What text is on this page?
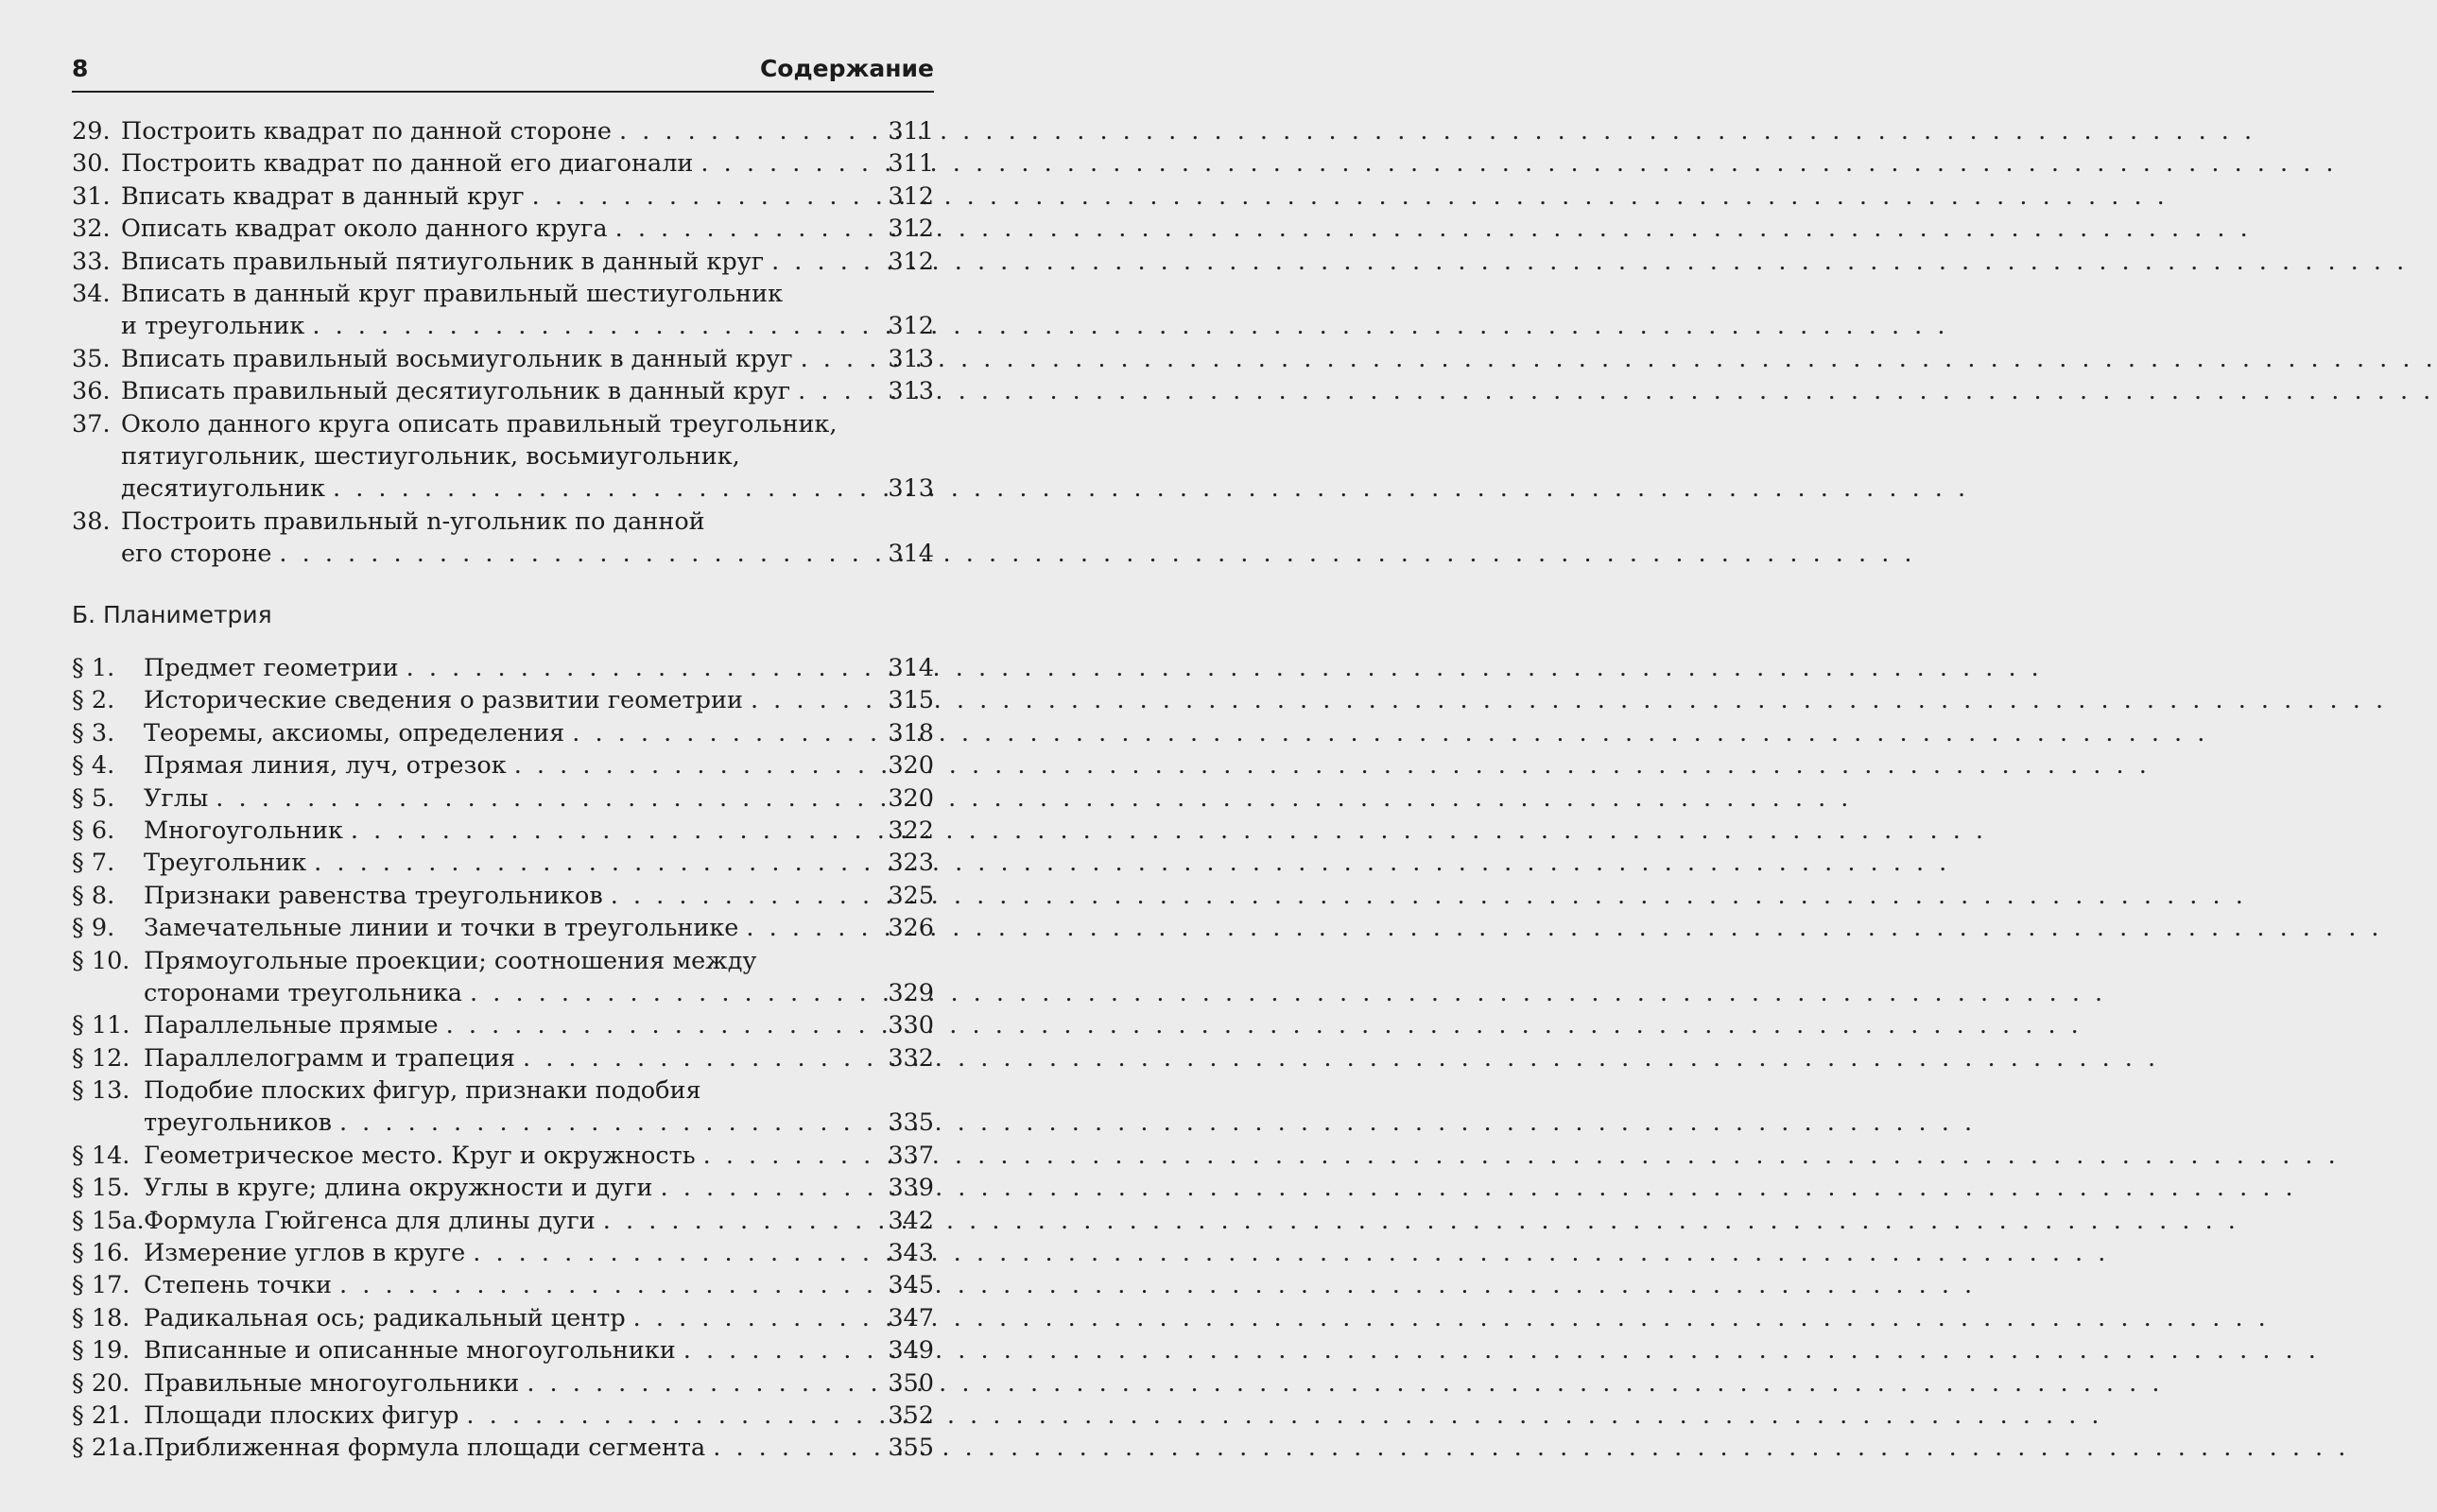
8	Содержание
29. Построить квадрат по данной стороне . . .	311
30. Построить квадрат по данной его диагонали . . .	311
31. Вписать квадрат в данный круг . . .	312
32. Описать квадрат около данного круга . . .	312
33. Вписать правильный пятиугольник в данный круг . . .	312
34. Вписать в данный круг правильный шестиугольник
и треугольник . . .	312
35. Вписать правильный восьмиугольник в данный круг . . .	313
36. Вписать правильный десятиугольник в данный круг . . .	313
37. Около данного круга описать правильный треугольник,
пятиугольник, шестиугольник, восьмиугольник,
десятиугольник . . .	313
38. Построить правильный n-угольник по данной
его стороне . . .	314
Б. Планиметрия
§ 1.	Предмет геометрии . . .	314
§ 2.	Исторические сведения о развитии геометрии . . .	315
§ 3.	Теоремы, аксиомы, определения . . .	318
§ 4.	Прямая линия, луч, отрезок . . .	320
§ 5.	Углы . . .	320
§ 6.	Многоугольник . . .	322
§ 7.	Треугольник . . .	323
§ 8.	Признаки равенства треугольников . . .	325
§ 9.	Замечательные линии и точки в треугольнике . . .	326
§ 10. Прямоугольные проекции; соотношения между
сторонами треугольника . . .	329
§ 11. Параллельные прямые . . .	330
§ 12. Параллелограмм и трапеция . . .	332
§ 13. Подобие плоских фигур, признаки подобия
треугольников . . .	335
§ 14. Геометрическое место. Круг и окружность . . .	337
§ 15. Углы в круге; длина окружности и дуги . . .	339
§ 15а. Формула Гюйгенса для длины дуги . . .	342
§ 16. Измерение углов в круге . . .	343
§ 17. Степень точки . . .	345
§ 18. Радикальная ось; радикальный центр . . .	347
§ 19. Вписанные и описанные многоугольники . . .	349
§ 20. Правильные многоугольники . . .	350
§ 21. Площади плоских фигур . . .	352
§ 21а. Приближенная формула площади сегмента . . .	355
